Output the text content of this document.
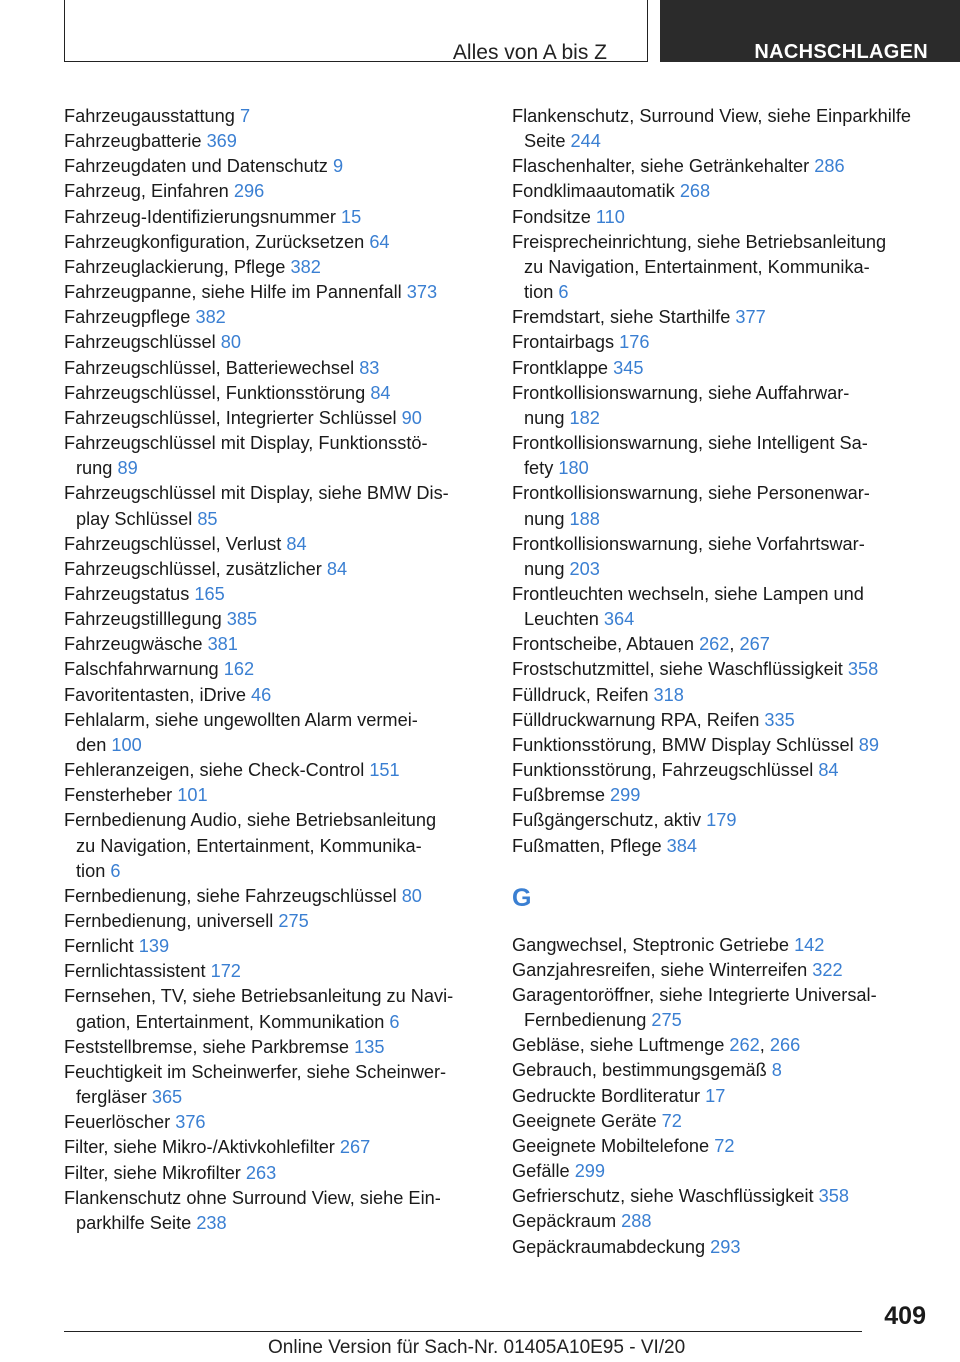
Alles von A bis Z	NACHSCHLAGEN
Fahrzeugausstattung 7
Fahrzeugbatterie 369
Fahrzeugdaten und Datenschutz 9
Fahrzeug, Einfahren 296
Fahrzeug-Identifizierungsnummer 15
Fahrzeugkonfiguration, Zurücksetzen 64
Fahrzeuglackierung, Pflege 382
Fahrzeugpanne, siehe Hilfe im Pannenfall 373
Fahrzeugpflege 382
Fahrzeugschlüssel 80
Fahrzeugschlüssel, Batteriewechsel 83
Fahrzeugschlüssel, Funktionsstörung 84
Fahrzeugschlüssel, Integrierter Schlüssel 90
Fahrzeugschlüssel mit Display, Funktionsstö-
rung 89
Fahrzeugschlüssel mit Display, siehe BMW Dis-
play Schlüssel 85
Fahrzeugschlüssel, Verlust 84
Fahrzeugschlüssel, zusätzlicher 84
Fahrzeugstatus 165
Fahrzeugstilllegung 385
Fahrzeugwäsche 381
Falschfahrwarnung 162
Favoritentasten, iDrive 46
Fehlalarm, siehe ungewollten Alarm vermei-
den 100
Fehleranzeigen, siehe Check-Control 151
Fensterheber 101
Fernbedienung Audio, siehe Betriebsanleitung
zu Navigation, Entertainment, Kommunika-
tion 6
Fernbedienung, siehe Fahrzeugschlüssel 80
Fernbedienung, universell 275
Fernlicht 139
Fernlichtassistent 172
Fernsehen, TV, siehe Betriebsanleitung zu Navi-
gation, Entertainment, Kommunikation 6
Feststellbremse, siehe Parkbremse 135
Feuchtigkeit im Scheinwerfer, siehe Scheinwer-
fergläser 365
Feuerlöscher 376
Filter, siehe Mikro-/Aktivkohlefilter 267
Filter, siehe Mikrofilter 263
Flankenschutz ohne Surround View, siehe Ein-
parkhilfe Seite 238
Flankenschutz, Surround View, siehe Einparkhilfe
Seite 244
Flaschenhalter, siehe Getränkehalter 286
Fondklimaautomatik 268
Fondsitze 110
Freisprecheinrichtung, siehe Betriebsanleitung
zu Navigation, Entertainment, Kommunika-
tion 6
Fremdstart, siehe Starthilfe 377
Frontairbags 176
Frontklappe 345
Frontkollisionswarnung, siehe Auffahrwar-
nung 182
Frontkollisionswarnung, siehe Intelligent Sa-
fety 180
Frontkollisionswarnung, siehe Personenwar-
nung 188
Frontkollisionswarnung, siehe Vorfahrtswar-
nung 203
Frontleuchten wechseln, siehe Lampen und
Leuchten 364
Frontscheibe, Abtauen 262, 267
Frostschutzmittel, siehe Waschflüssigkeit 358
Fülldruck, Reifen 318
Fülldruckwarnung RPA, Reifen 335
Funktionsstörung, BMW Display Schlüssel 89
Funktionsstörung, Fahrzeugschlüssel 84
Fußbremse 299
Fußgängerschutz, aktiv 179
Fußmatten, Pflege 384
G
Gangwechsel, Steptronic Getriebe 142
Ganzjahresreifen, siehe Winterreifen 322
Garagentoröffner, siehe Integrierte Universal-
Fernbedienung 275
Gebläse, siehe Luftmenge 262, 266
Gebrauch, bestimmungsgemäß 8
Gedruckte Bordliteratur 17
Geeignete Geräte 72
Geeignete Mobiltelefone 72
Gefälle 299
Gefrierschutz, siehe Waschflüssigkeit 358
Gepäckraum 288
Gepäckraumabdeckung 293
409
Online Version für Sach-Nr. 01405A10E95 - VI/20
